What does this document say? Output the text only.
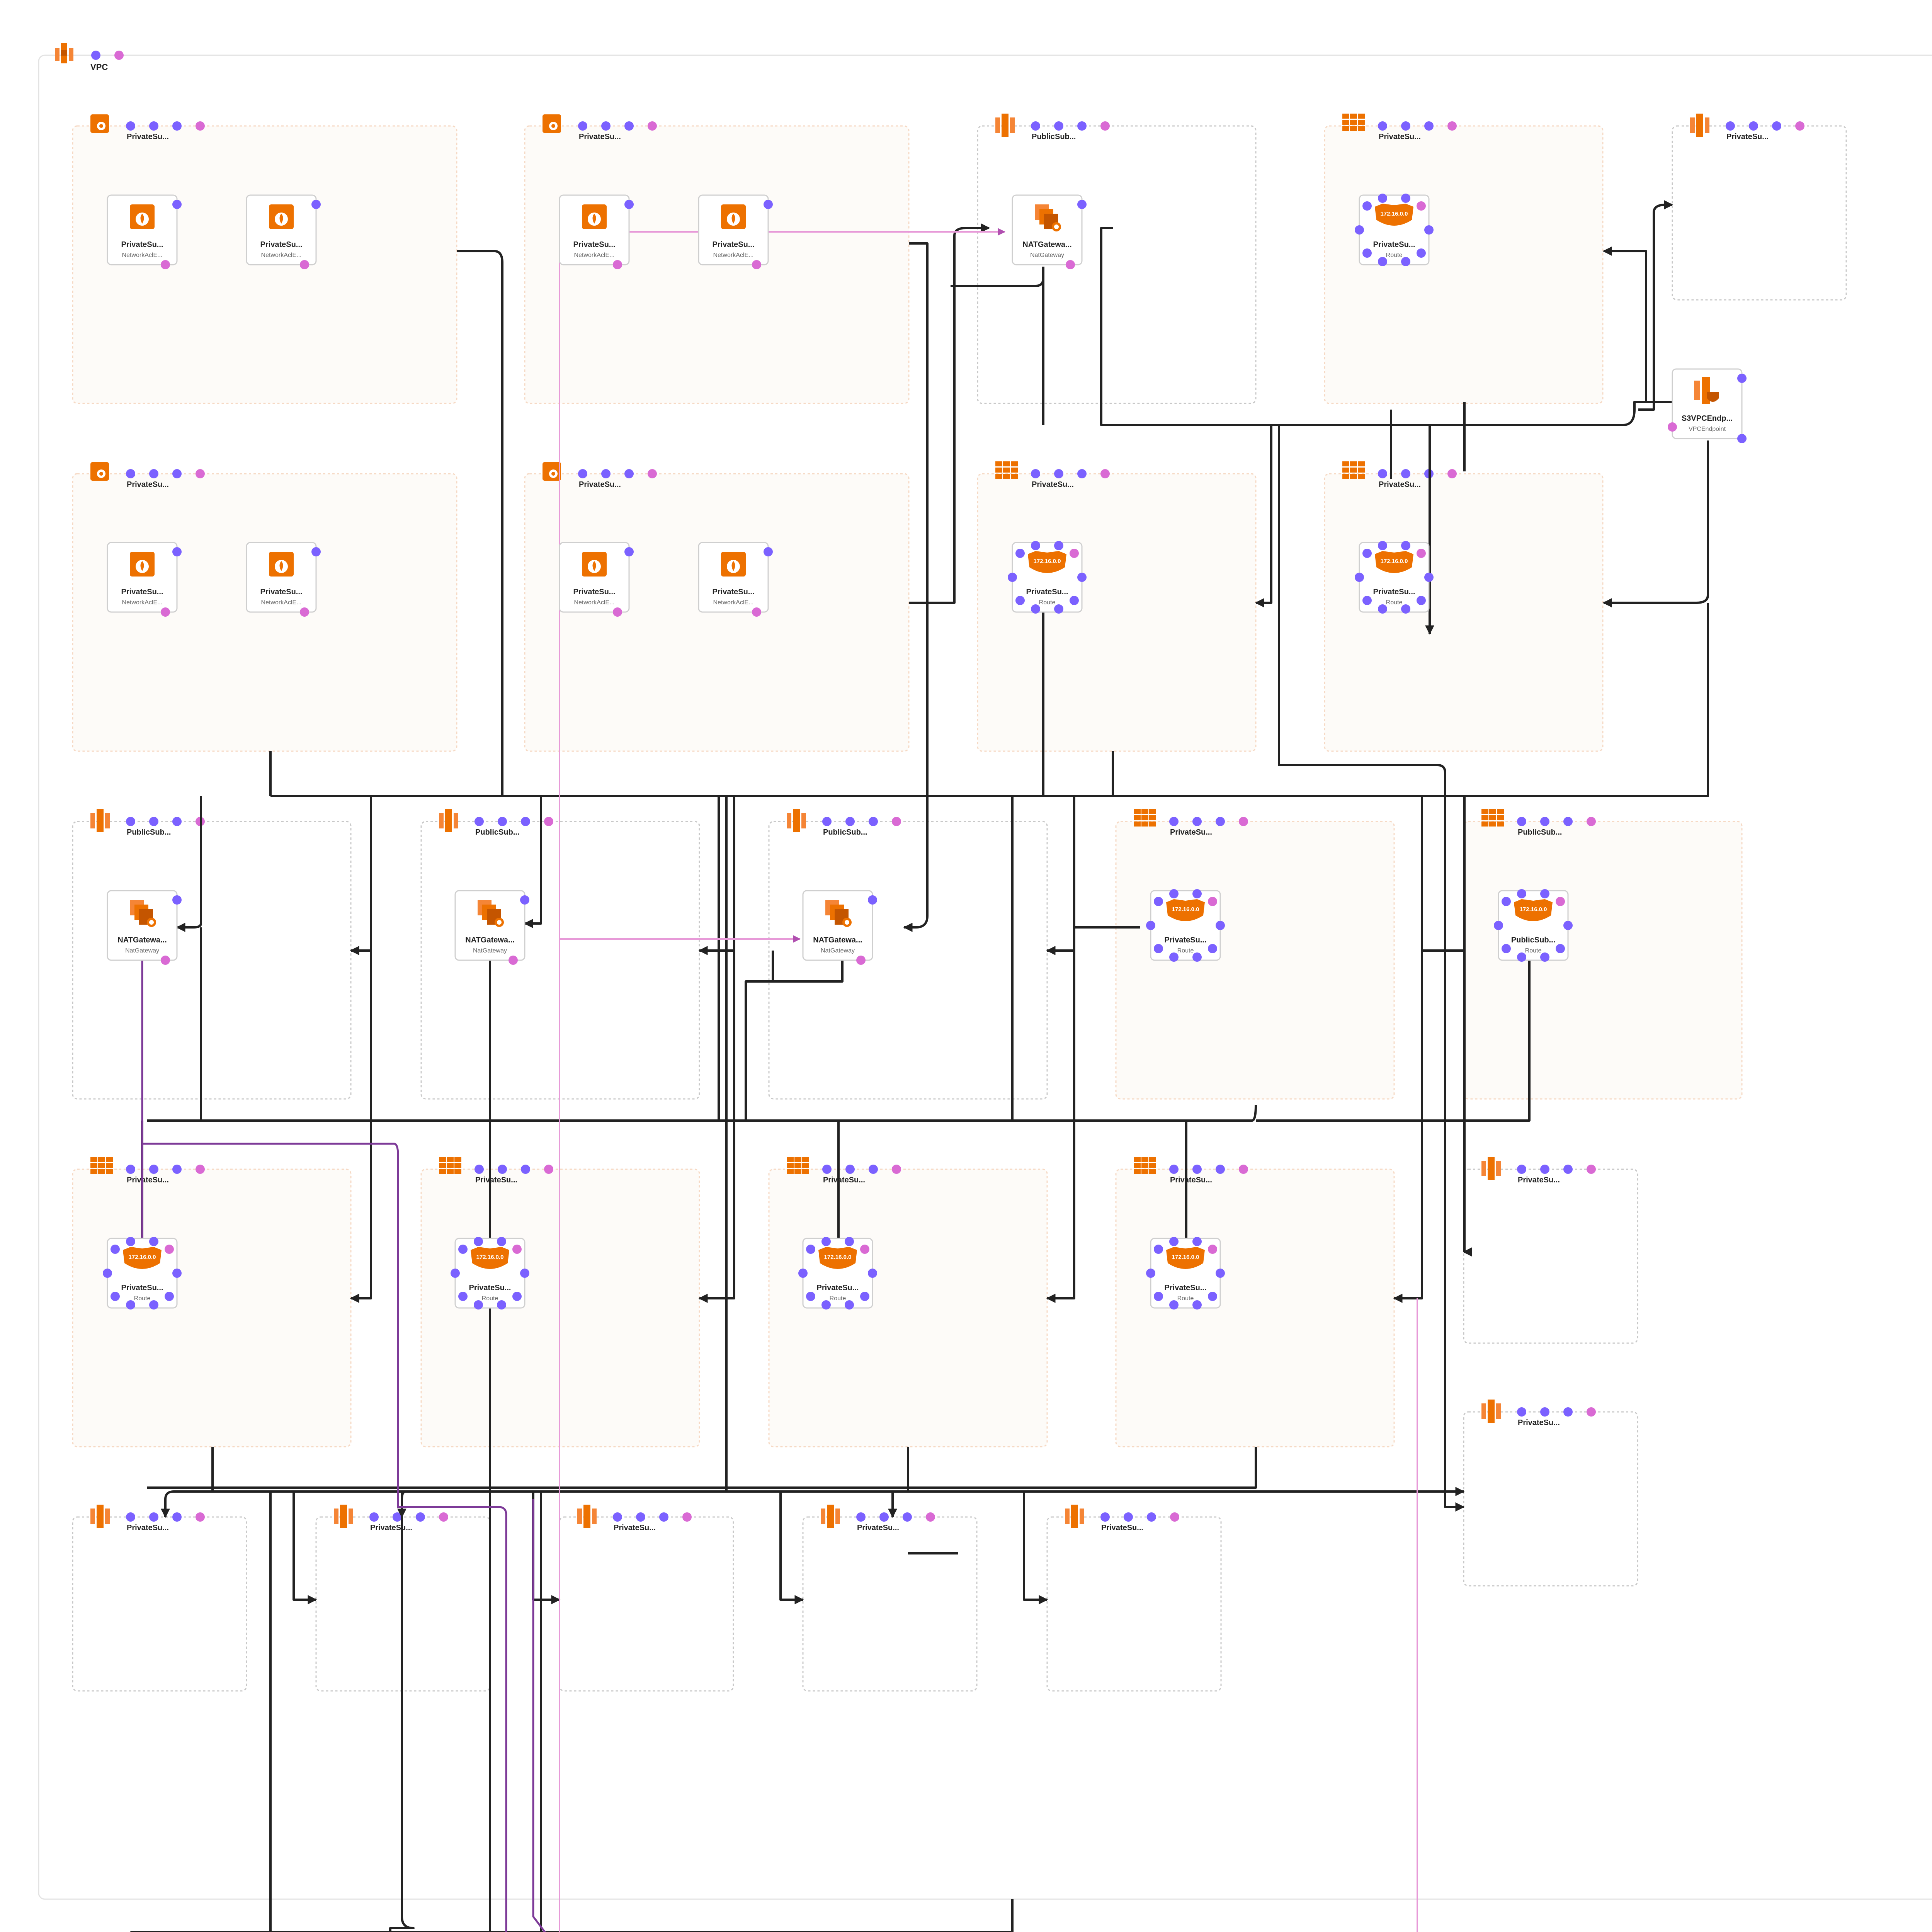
VPC
PrivateSu...	PrivateSu...	PublicSub...	PrivateSu...	PrivateSu...
PrivateSu...	PrivateSu...	PrivateSu...	PrivateSu...
PublicSub...	PublicSub...	PublicSub...	PrivateSu...	PublicSub...
PrivateSu...	PrivateSu...	PrivateSu...	PrivateSu...	PrivateSu...
PrivateSu...
PrivateSu...	PrivateSu...	PrivateSu...	PrivateSu...	PrivateSu...
PrivateSu...
NetworkAclE...
PrivateSu...
NetworkAclE...
PrivateSu...
NetworkAclE...
PrivateSu...
NetworkAclE...
PrivateSu...
NetworkAclE...
PrivateSu...
NetworkAclE...
PrivateSu...
NetworkAclE...
PrivateSu...
NetworkAclE...
NATGatewa...
NatGateway
NATGatewa...
NatGateway
NATGatewa...
NatGateway
NATGatewa...
NatGateway
172.16.0.0
PrivateSu...
Route
172.16.0.0
PrivateSu...
Route
172.16.0.0
PrivateSu...
Route
172.16.0.0
PrivateSu...
Route
172.16.0.0
PrivateSu...
Route
172.16.0.0
PrivateSu...
Route
172.16.0.0
PrivateSu...
Route
172.16.0.0
PrivateSu...
Route
172.16.0.0
PublicSub...
Route
S3VPCEndp...
VPCEndpoint
